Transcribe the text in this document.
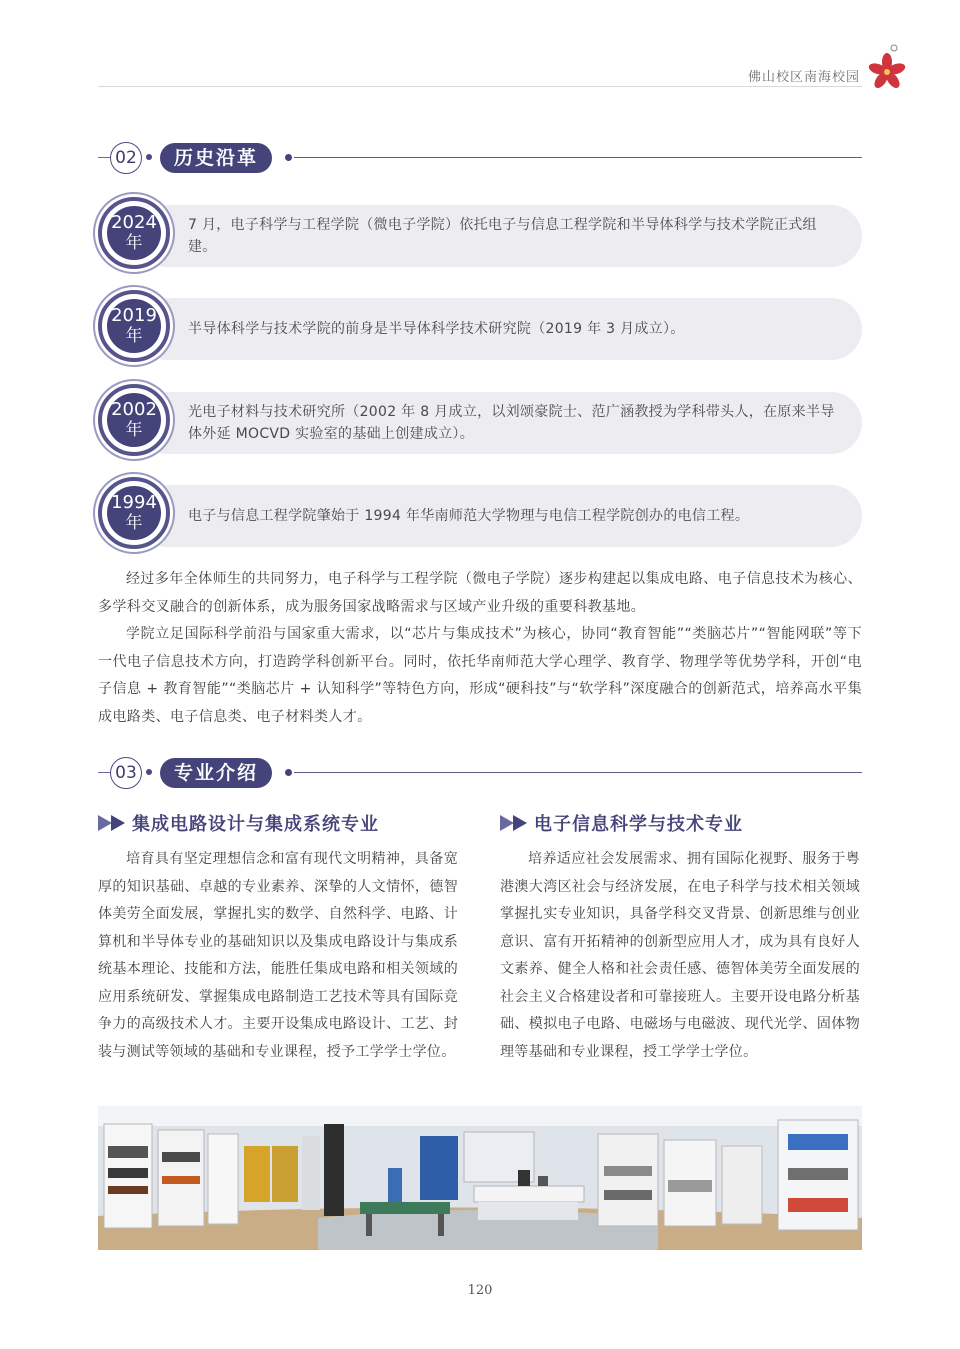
佛山校区南海校园
02	历史沿革
2024
年
7 月，电子科学与工程学院（微电子学院）依托电子与信息工程学院和半导体科学与技术学院正式组建。
2019
年	半导体科学与技术学院的前身是半导体科学技术研究院（2019 年 3 月成立）。
2002
年
光电子材料与技术研究所（2002 年 8 月成立，以刘颂豪院士、范广涵教授为学科带头人，在原来半导体外延 MOCVD 实验室的基础上创建成立）。
1994
年	电子与信息工程学院肇始于 1994 年华南师范大学物理与电信工程学院创办的电信工程。

经过多年全体师生的共同努力，电子科学与工程学院（微电子学院）逐步构建起以集成电路、电子信息技术为核心、多学科交叉融合的创新体系，成为服务国家战略需求与区域产业升级的重要科教基地。

学院立足国际科学前沿与国家重大需求，以“芯片与集成技术”为核心，协同“教育智能”“类脑芯片”“智能网联”等下一代电子信息技术方向，打造跨学科创新平台。同时，依托华南师范大学心理学、教育学、物理学等优势学科，开创“电子信息 + 教育智能”“类脑芯片 + 认知科学”等特色方向，形成“硬科技”与“软学科”深度融合的创新范式，培养高水平集成电路类、电子信息类、电子材料类人才。

03	专业介绍
集成电路设计与集成系统专业

培育具有坚定理想信念和富有现代文明精神，具备宽厚的知识基础、卓越的专业素养、深挚的人文情怀，德智体美劳全面发展，掌握扎实的数学、自然科学、电路、计算机和半导体专业的基础知识以及集成电路设计与集成系统基本理论、技能和方法，能胜任集成电路和相关领域的应用系统研发、掌握集成电路制造工艺技术等具有国际竞争力的高级技术人才。主要开设集成电路设计、工艺、封装与测试等领域的基础和专业课程，授予工学学士学位。

电子信息科学与技术专业

培养适应社会发展需求、拥有国际化视野、服务于粤港澳大湾区社会与经济发展，在电子科学与技术相关领域掌握扎实专业知识，具备学科交叉背景、创新思维与创业意识、富有开拓精神的创新型应用人才，成为具有良好人文素养、健全人格和社会责任感、德智体美劳全面发展的社会主义合格建设者和可靠接班人。主要开设电路分析基础、模拟电子电路、电磁场与电磁波、现代光学、固体物理等基础和专业课程，授工学学士学位。

120
